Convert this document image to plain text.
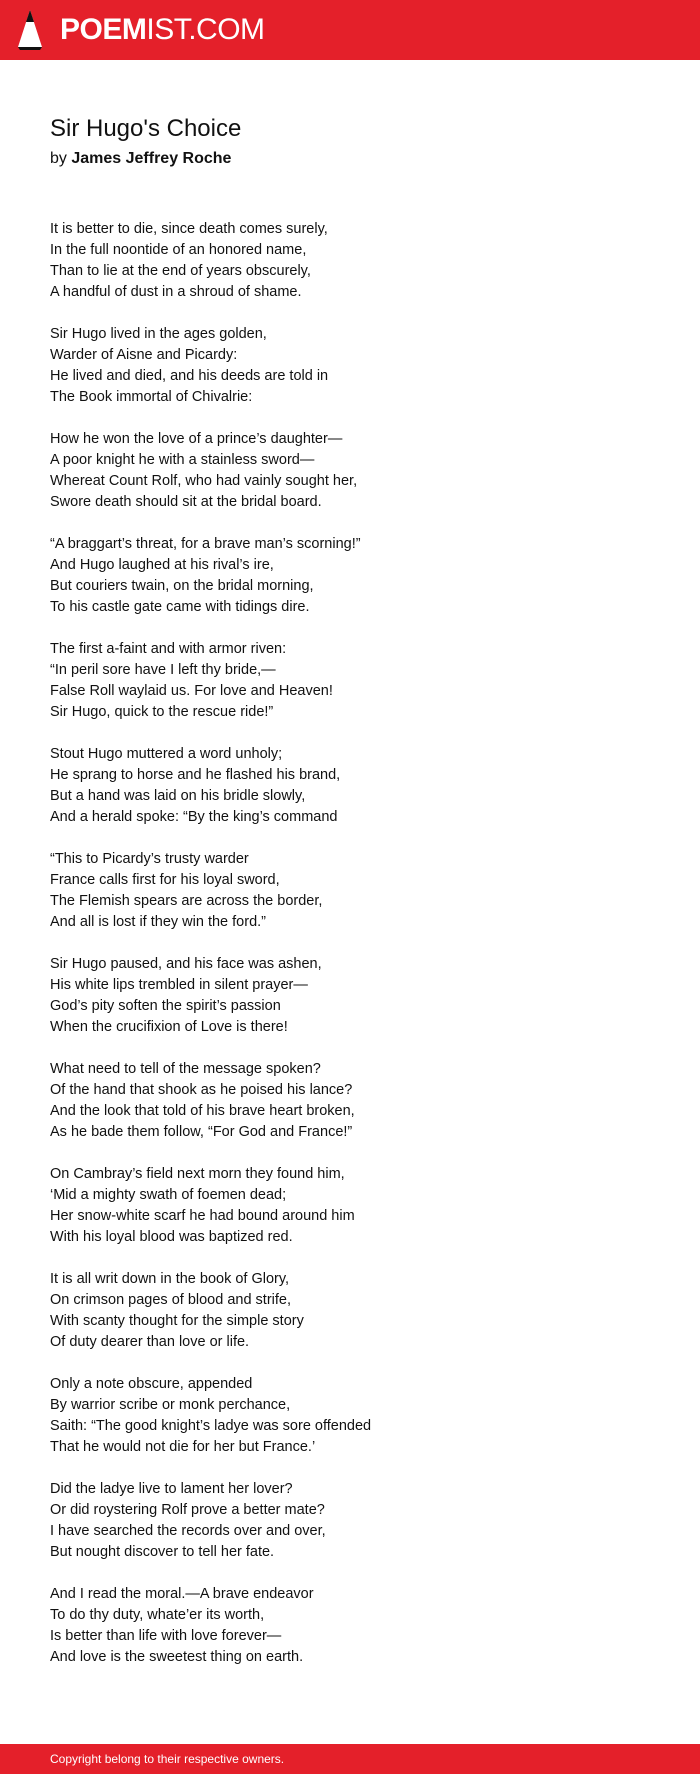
POEMIST.COM
Sir Hugo's Choice
by James Jeffrey Roche
It is better to die, since death comes surely,
In the full noontide of an honored name,
Than to lie at the end of years obscurely,
A handful of dust in a shroud of shame.
Sir Hugo lived in the ages golden,
Warder of Aisne and Picardy:
He lived and died, and his deeds are told in
The Book immortal of Chivalrie:
How he won the love of a prince’s daughter—
A poor knight he with a stainless sword—
Whereat Count Rolf, who had vainly sought her,
Swore death should sit at the bridal board.
“A braggart’s threat, for a brave man’s scorning!”
And Hugo laughed at his rival’s ire,
But couriers twain, on the bridal morning,
To his castle gate came with tidings dire.
The first a-faint and with armor riven:
“In peril sore have I left thy bride,—
False Roll waylaid us. For love and Heaven!
Sir Hugo, quick to the rescue ride!”
Stout Hugo muttered a word unholy;
He sprang to horse and he flashed his brand,
But a hand was laid on his bridle slowly,
And a herald spoke: “By the king’s command
“This to Picardy’s trusty warder
France calls first for his loyal sword,
The Flemish spears are across the border,
And all is lost if they win the ford.”
Sir Hugo paused, and his face was ashen,
His white lips trembled in silent prayer—
God’s pity soften the spirit’s passion
When the crucifixion of Love is there!
What need to tell of the message spoken?
Of the hand that shook as he poised his lance?
And the look that told of his brave heart broken,
As he bade them follow, “For God and France!”
On Cambray’s field next morn they found him,
‘Mid a mighty swath of foemen dead;
Her snow-white scarf he had bound around him
With his loyal blood was baptized red.
It is all writ down in the book of Glory,
On crimson pages of blood and strife,
With scanty thought for the simple story
Of duty dearer than love or life.
Only a note obscure, appended
By warrior scribe or monk perchance,
Saith: “The good knight’s ladye was sore offended
That he would not die for her but France.’
Did the ladye live to lament her lover?
Or did roystering Rolf prove a better mate?
I have searched the records over and over,
But nought discover to tell her fate.
And I read the moral.—A brave endeavor
To do thy duty, whate’er its worth,
Is better than life with love forever—
And love is the sweetest thing on earth.
Copyright belong to their respective owners.
